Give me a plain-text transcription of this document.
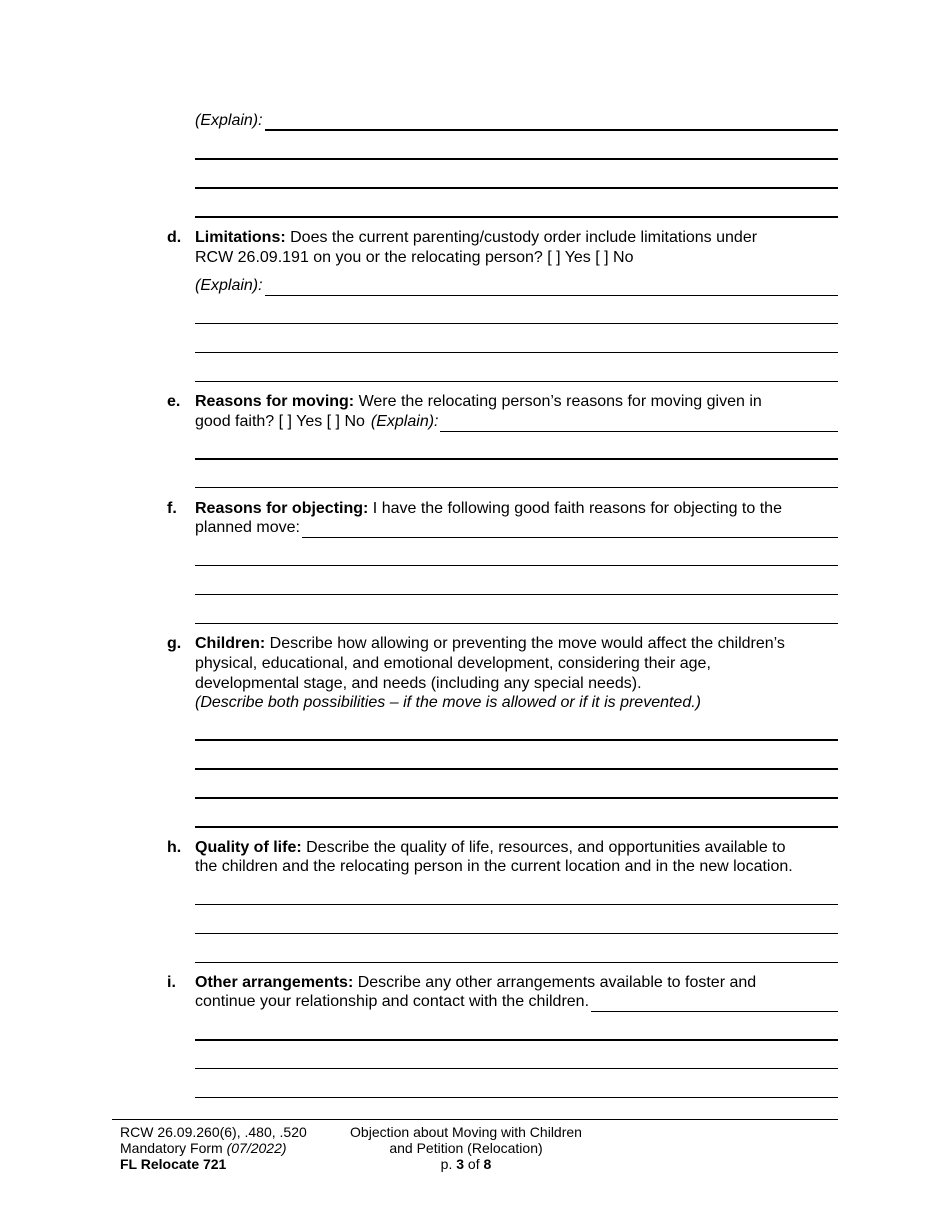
(Explain):
d. Limitations: Does the current parenting/custody order include limitations under
RCW 26.09.191 on you or the relocating person? [ ] Yes [ ] No
(Explain):
e. Reasons for moving: Were the relocating person’s reasons for moving given in
good faith? [ ] Yes [ ] No (Explain):
f. Reasons for objecting: I have the following good faith reasons for objecting to the
planned move:
g. Children: Describe how allowing or preventing the move would affect the children’s
physical, educational, and emotional development, considering their age,
developmental stage, and needs (including any special needs).
(Describe both possibilities – if the move is allowed or if it is prevented.)
h. Quality of life: Describe the quality of life, resources, and opportunities available to
the children and the relocating person in the current location and in the new location.
i. Other arrangements: Describe any other arrangements available to foster and
continue your relationship and contact with the children.
RCW 26.09.260(6), .480, .520
Mandatory Form (07/2022)
FL Relocate 721
Objection about Moving with Children
and Petition (Relocation)
p. 3 of 8
